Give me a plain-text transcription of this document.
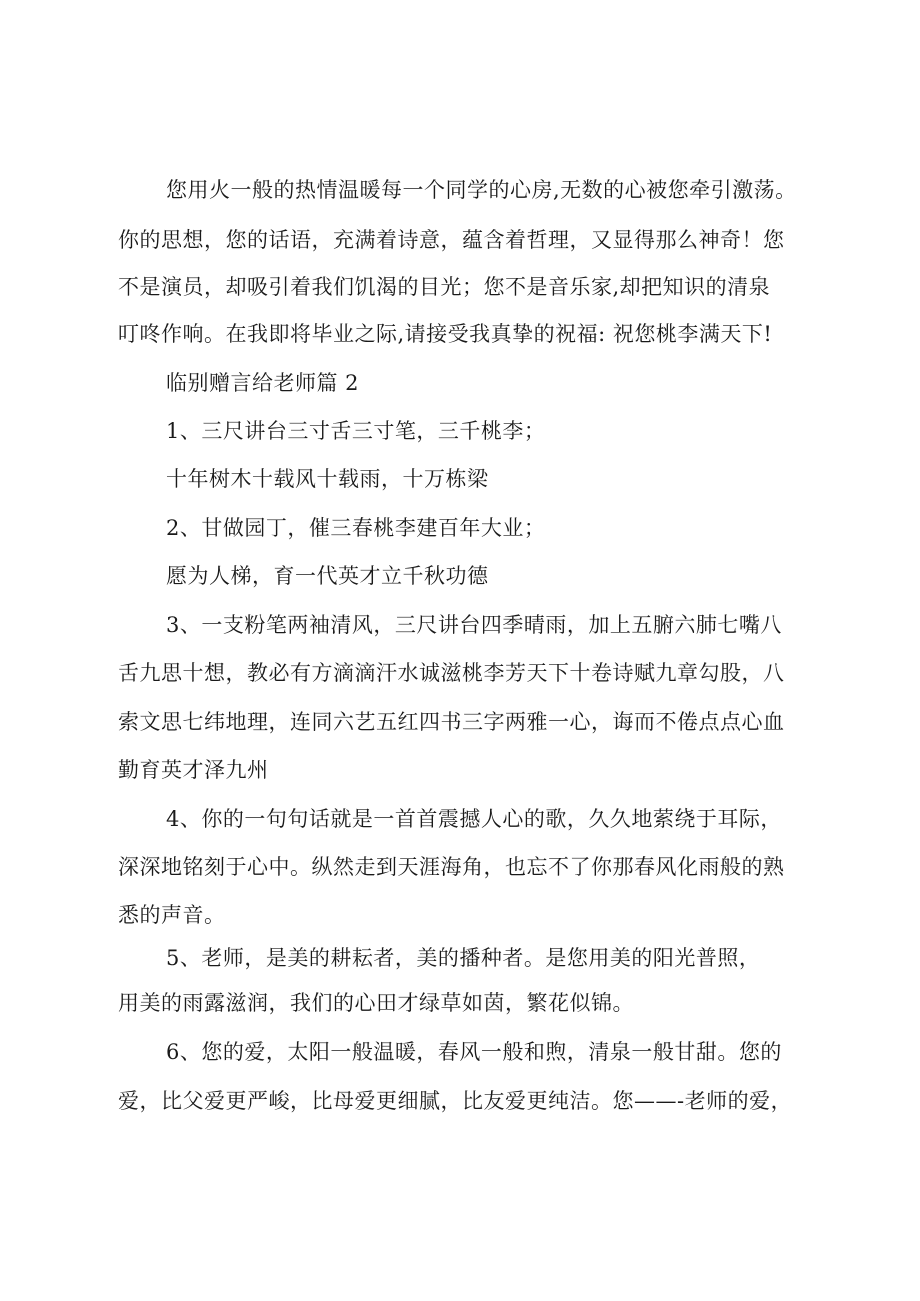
您用火一般的热情温暖每一个同学的心房,无数的心被您牵引激荡。
你的思想，您的话语，充满着诗意，蕴含着哲理，又显得那么神奇！您
不是演员，却吸引着我们饥渴的目光；您不是音乐家,却把知识的清泉
叮咚作响。在我即将毕业之际,请接受我真挚的祝福: 祝您桃李满天下!
临别赠言给老师篇 2
1、三尺讲台三寸舌三寸笔，三千桃李；
十年树木十载风十载雨，十万栋梁
2、甘做园丁，催三春桃李建百年大业；
愿为人梯，育一代英才立千秋功德
3、一支粉笔两袖清风，三尺讲台四季晴雨，加上五腑六肺七嘴八
舌九思十想，教必有方滴滴汗水诚滋桃李芳天下十卷诗赋九章勾股，八
索文思七纬地理，连同六艺五红四书三字两雅一心，诲而不倦点点心血
勤育英才泽九州
4、你的一句句话就是一首首震撼人心的歌，久久地萦绕于耳际，
深深地铭刻于心中。纵然走到天涯海角，也忘不了你那春风化雨般的熟
悉的声音。
5、老师，是美的耕耘者，美的播种者。是您用美的阳光普照，
用美的雨露滋润，我们的心田才绿草如茵，繁花似锦。
6、您的爱，太阳一般温暖，春风一般和煦，清泉一般甘甜。您的
爱，比父爱更严峻，比母爱更细腻，比友爱更纯洁。您——-老师的爱，
